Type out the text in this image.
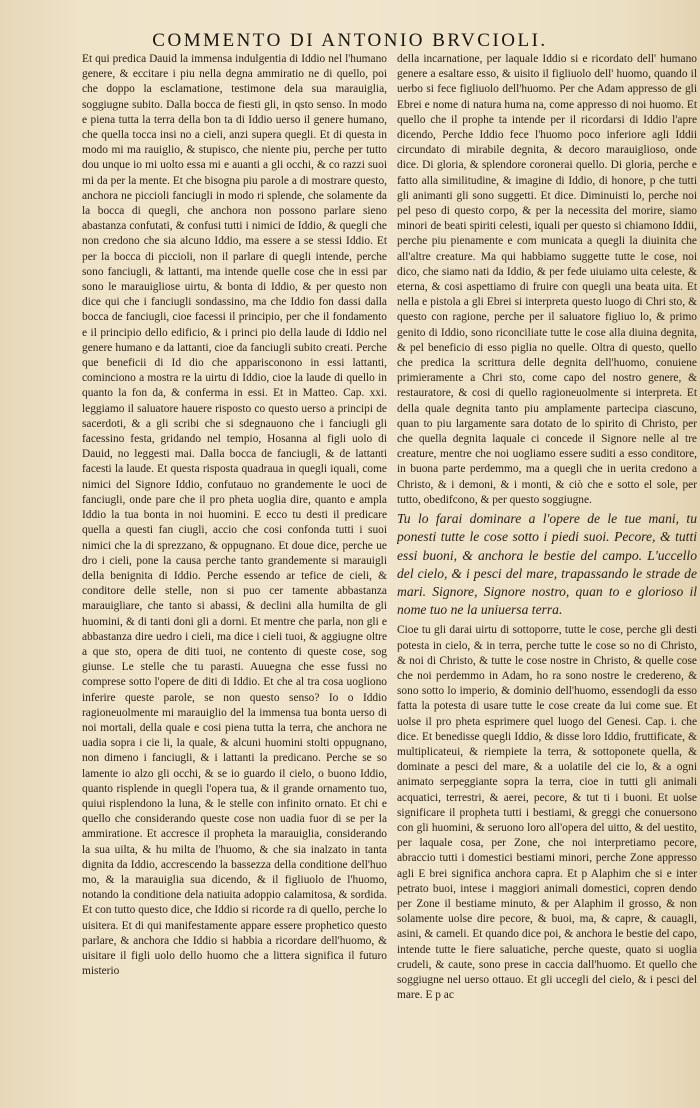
COMMENTO DI ANTONIO BRVCIOLI.

Et qui predica Dauid la immensa indulgentia di Iddio nel l'humano genere, & eccitare i piu nella degna ammiratio ne di quello, poi che doppo la esclamatione, testimone dela sua marauiglia, soggiugne subito. Dalla bocca de fiesti gli, in qsto senso. In modo e piena tutta la terra della bon ta di Iddio uerso il genere humano, che quella tocca insi no a cieli, anzi supera quegli. Et di questa in modo mi ma rauiglio, & stupisco, che niente piu, perche per tutto dou unque io mi uolto essa mi e auanti a gli occhi, & co razzi suoi mi da per la mente. Et che bisogna piu parole a di mostrare questo, anchora ne piccioli fanciugli in modo ri splende, che solamente da la bocca di quegli, che anchora non possono parlare sieno abastanza confutati, & confusi tutti i nimici de Iddio, & quegli che non credono che sia alcuno Iddio, ma essere a se stessi Iddio. Et per la bocca di piccioli, non il parlare di quegli intende, perche sono fanciugli, & lattanti, ma intende quelle cose che in essi par sono le marauigliose uirtu, & bonta di Iddio, & per questo non dice qui che i fanciugli sondassino, ma che Iddio fon dassi dalla bocca de fanciugli, cioe facessi il principio, per che il fondamento e il principio dello edificio, & i princi pio della laude di Iddio nel genere humano e da lattanti, cioe da fanciugli subito creati. Perche que beneficii di Id dio che apparisconono in essi lattanti, cominciono a mostra re la uirtu di Iddio, cioe la laude di quello in quanto la fon da, & conferma in essi. Et in Matteo. Cap. xxi. leggiamo il saluatore hauere risposto co questo uerso a principi de sacerdoti, & a gli scribi che si sdegnauono che i fanciugli gli facessino festa, gridando nel tempio, Hosanna al figli uolo di Dauid, no leggesti mai. Dalla bocca de fanciugli, & de lattanti facesti la laude. Et questa risposta quadraua in quegli iquali, come nimici del Signore Iddio, confutauo no grandemente le uoci de fanciugli, onde pare che il pro pheta uoglia dire, quanto e ampla Iddio la tua bonta in noi huomini. E ecco tu desti il predicare quella a questi fan ciugli, accio che cosi confonda tutti i suoi nimici che la di sprezzano, & oppugnano. Et doue dice, perche ue dro i cieli, pone la causa perche tanto grandemente si marauigli della benignita di Iddio. Perche essendo ar tefice de cieli, & conditore delle stelle, non si puo cer tamente abbastanza marauigliare, che tanto si abassi, & declini alla humilta de gli huomini, & di tanti doni gli a dorni. Et mentre che parla, non gli e abbastanza dire uedro i cieli, ma dice i cieli tuoi, & aggiugne oltre a que sto, opera de diti tuoi, ne contento di queste cose, sog giunse. Le stelle che tu parasti. Auuegna che esse fussi no comprese sotto l'opere de diti di Iddio. Et che al tra cosa uogliono inferire queste parole, se non questo senso? Io o Iddio ragioneuolmente mi marauiglio del la immensa tua bonta uerso di noi mortali, della quale e cosi piena tutta la terra, che anchora ne uadia sopra i cie li, la quale, & alcuni huomini stolti oppugnano, non dimeno i fanciugli, & i lattanti la predicano. Perche se so lamente io alzo gli occhi, & se io guardo il cielo, o buono Iddio, quanto risplende in quegli l'opera tua, & il grande ornamento tuo, quiui risplendono la luna, & le stelle con infinito ornato. Et chi e quello che considerando queste cose non uadia fuor di se per la ammiratione. Et accresce il propheta la marauiglia, considerando la sua uilta, & hu milta de l'huomo, & che sia inalzato in tanta dignita da Iddio, accrescendo la bassezza della conditione dell'huo mo, & la marauiglia sua dicendo, & il figliuolo de l'huomo, notando la conditione dela natiuita adoppio calamitosa, & sordida. Et con tutto questo dice, che Iddio si ricorde ra di quello, perche lo uisitera. Et di qui manifestamente appare essere prophetico questo parlare, & anchora che Iddio si habbia a ricordare dell'huomo, & uisitare il figli uolo dello huomo che a littera significa il futuro misterio

della incarnatione, per laquale Iddio si e ricordato dell' humano genere a esaltare esso, & uisito il figliuolo dell' huomo, quando il uerbo si fece figliuolo dell'huomo. Per che Adam appresso de gli Ebrei e nome di natura huma na, come appresso di noi huomo. Et quello che il prophe ta intende per il ricordarsi di Iddio l'apre dicendo, Perche Iddio fece l'huomo poco inferiore agli Iddii circundato di mirabile degnita, & decoro marauiglioso, onde dice. Di gloria, & splendore coronerai quello. Di gloria, perche e fatto alla similitudine, & imagine di Iddio, di honore, p che tutti gli animanti gli sono suggetti. Et dice. Diminuisti lo, perche noi pel peso di questo corpo, & per la necessita del morire, siamo minori de beati spiriti celesti, iquali per questo si chiamono Iddii, perche piu pienamente e com municata a quegli la diuinita che all'altre creature. Ma qui habbiamo suggette tutte le cose, noi dico, che siamo nati da Iddio, & per fede uiuiamo uita celeste, & eterna, & cosi aspettiamo di fruire con quegli una beata uita. Et nella e pistola a gli Ebrei si interpreta questo luogo di Chri sto, & questo con ragione, perche per il saluatore figliuo lo, & primo genito di Iddio, sono riconciliate tutte le cose alla diuina degnita, & pel beneficio di esso piglia no quelle. Oltra di questo, quello che predica la scrittura delle degnita dell'huomo, conuiene primieramente a Chri sto, come capo del nostro genere, & restauratore, & cosi di quello ragioneuolmente si interpreta. Et della quale degnita tanto piu amplamente partecipa ciascuno, quan to piu largamente sara dotato de lo spirito di Christo, per che quella degnita laquale ci concede il Signore nelle al tre creature, mentre che noi uogliamo essere suditi a esso conditore, in buona parte perdemmo, ma a quegli che in uerita credono a Christo, & i demoni, & i monti, & ciò che e sotto el sole, per tutto, obedifcono, & per questo soggiugne.

Tu lo farai dominare a l'opere de le tue mani, tu ponesti tutte le cose sotto i piedi suoi. Pecore, & tutti essi buoni, & anchora le bestie del campo. L'uccello del cielo, & i pesci del mare, trapassando le strade de mari. Signore, Signore nostro, quan to e glorioso il nome tuo ne la uniuersa terra.

Cioe tu gli darai uirtu di sottoporre, tutte le cose, perche gli desti potesta in cielo, & in terra, perche tutte le cose so no di Christo, & noi di Christo, & tutte le cose nostre in Christo, & quelle cose che noi perdemmo in Adam, ho ra sono nostre le credereno, & sono sotto lo imperio, & dominio dell'huomo, essendogli da esso fatta la potesta di usare tutte le cose create da lui come sue. Et uolse il pro pheta esprimere quel luogo del Genesi. Cap. i. che dice. Et benedisse quegli Iddio, & disse loro Iddio, fruttificate, & multiplicateui, & riempiete la terra, & sottoponete quella, & dominate a pesci del mare, & a uolatile del cie lo, & a ogni animato serpeggiante sopra la terra, cioe in tutti gli animali acquatici, terrestri, & aerei, pecore, & tut ti i buoni. Et uolse significare il propheta tutti i bestiami, & greggi che conuersono con gli huomini, & seruono loro all'opera del uitto, & del uestito, per laquale cosa, per Zone, che noi interpretiamo pecore, abraccio tutti i domestici bestiami minori, perche Zone appresso agli E brei significa anchora capra. Et p Alaphim che si e inter petrato buoi, intese i maggiori animali domestici, copren dendo per Zone il bestiame minuto, & per Alaphim il grosso, & non solamente uolse dire pecore, & buoi, ma, & capre, & cauagli, asini, & cameli. Et quando dice poi, & anchora le bestie del capo, intende tutte le fiere saluatiche, perche queste, quato si uoglia crudeli, & caute, sono prese in caccia dall'huomo. Et quello che soggiugne nel uerso ottauo. Et gli uccegli del cielo, & i pesci del mare. E p ac
